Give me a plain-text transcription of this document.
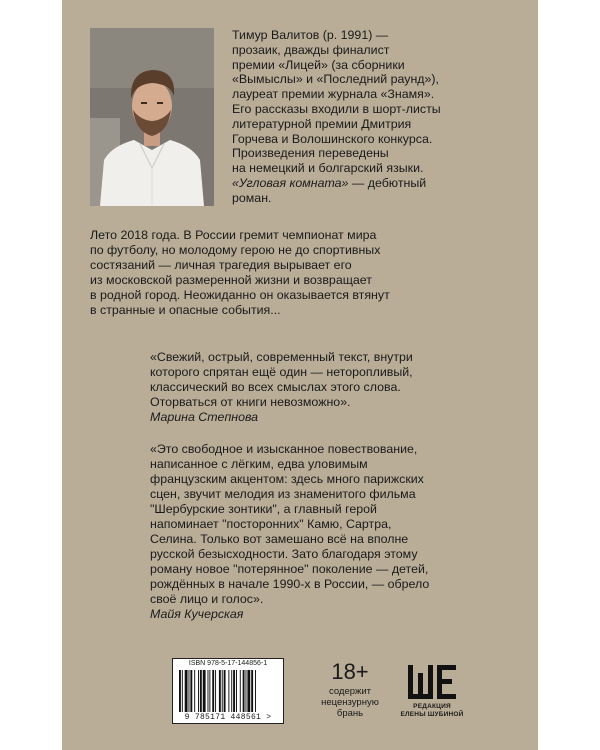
Тимур Валитов (р. 1991) —

прозаик, дважды финалист

премии «Лицей» (за сборники

«Вымыслы» и «Последний раунд»),

лауреат премии журнала «Знамя».

Его рассказы входили в шорт-листы

литературной премии Дмитрия

Горчева и Волошинского конкурса.

Произведения переведены

на немецкий и болгарский языки.

«Угловая комната» — дебютный

роман.

Лето 2018 года. В России гремит чемпионат мира

по футболу, но молодому герою не до спортивных

состязаний — личная трагедия вырывает его

из московской размеренной жизни и возвращает

в родной город. Неожиданно он оказывается втянут

в странные и опасные события...

«Свежий, острый, современный текст, внутри

которого спрятан ещё один — неторопливый,

классический во всех смыслах этого слова.

Оторваться от книги невозможно».

Марина Степнова

«Это свободное и изысканное повествование,

написанное с лёгким, едва уловимым

французским акцентом: здесь много парижских

сцен, звучит мелодия из знаменитого фильма

"Шербурские зонтики", а главный герой

напоминает "посторонних" Камю, Сартра,

Селина. Только вот замешано всё на вполне

русской безысходности. Зато благодаря этому

роману новое "потерянное" поколение — детей,

рождённых в начале 1990-х в России, — обрело

своё лицо и голос».

Майя Кучерская

ISBN 978-5-17-144856-1
9 785171 448561 >
18+
содержит
нецензурную
брань
РЕДАКЦИЯ
ЕЛЕНЫ ШУБИНОЙ
